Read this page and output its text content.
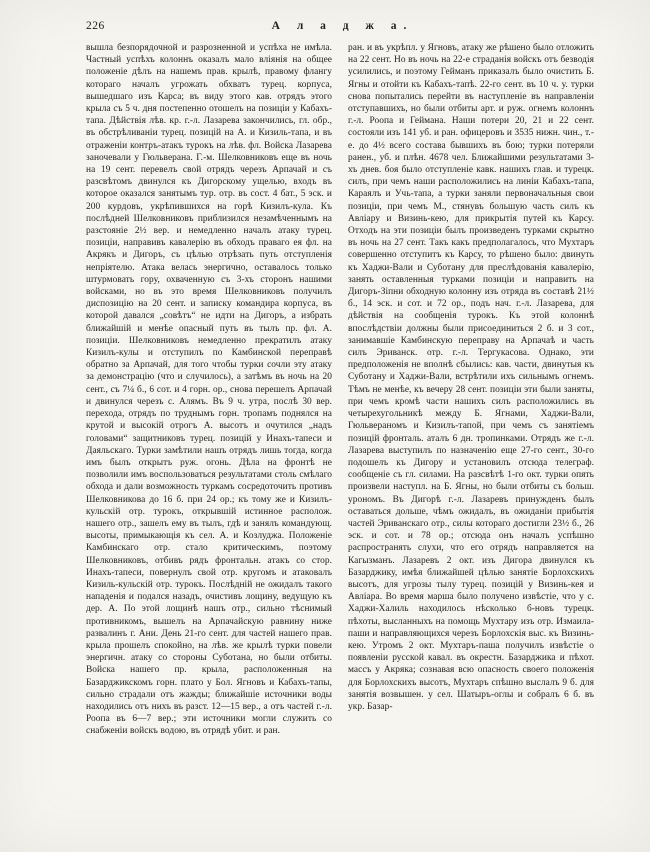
226	А л а д ж а.
вышла безпорядочной и разрозненной и успѣха не имѣла. Частный успѣхъ колоннъ оказалъ мало вліянія на общее положеніе дѣлъ на нашемъ прав. крылѣ, правому флангу котораго началъ угрожать обхватъ турец. корпуса, вышедшаго изъ Карса; въ виду этого кав. отрядъ этого крыла съ 5 ч. дня постепенно отошелъ на позиціи у Кабахъ-тапа. Дѣйствія лѣв. кр. г.-л. Лазарева закончились, гл. обр., въ обстрѣливаніи турец. позицій на А. и Кизиль-тапа, и въ отраженіи контръ-атакъ турокъ на лѣв. фл. Войска Лазарева заночевали у Гюльверана. Г.-м. Шелковниковъ еще въ ночь на 19 сент. перевелъ свой отрядъ черезъ Арпачай и съ разсвѣтомъ двинулся къ Дигорскому ущелью, входъ въ которое оказался занятымъ тур. отр. въ сост. 4 бат., 5 эск. и 200 курдовъ, укрѣпившихся на горѣ Кизилъ-кула. Къ послѣдней Шелковниковъ приблизился незамѣченнымъ на разстояніе 2½ вер. и немедленно началъ атаку турец. позиціи, направивъ кавалерію въ обходъ праваго ея фл. на Акрякъ и Дигоръ, съ цѣлью отрѣзать путь отступленія непріятелю. Атака велась энергично, оставалось только штурмовать гору, охваченную съ 3-хъ сторонъ нашими войсками, но въ это время Шелковниковъ получилъ диспозицію на 20 сент. и записку командира корпуса, въ которой давался „совѣтъ“ не идти на Дигоръ, а избрать ближайшій и менѣе опасный путь въ тылъ пр. фл. А. позиціи. Шелковниковъ немедленно прекратилъ атаку Кизилъ-кулы и отступилъ по Камбинской переправѣ обратно за Арпачай, для того чтобы турки сочли эту атаку за демонстрацію (что и случилось), а затѣмъ въ ночь на 20 сент., съ 7¼ б., 6 сот. и 4 горн. ор., снова перешелъ Арпачай и двинулся черезъ с. Алямъ. Въ 9 ч. утра, послѣ 30 вер. перехода, отрядъ по труднымъ горн. тропамъ поднялся на крутой и высокій отрогъ А. высотъ и очутился „надъ головами“ защитниковъ турец. позицій у Инахъ-тапеси и Даяльскаго. Турки замѣтили нашъ отрядъ лишь тогда, когда имъ былъ открытъ руж. огонь. Дѣла на фронтѣ не позволили имъ воспользоваться результатами столь смѣлаго обхода и дали возможность туркамъ сосредоточить противъ Шелковникова до 16 б. при 24 ор.; къ тому же и Кизилъ-кульскій отр. турокъ, открывшій истинное располож. нашего отр., зашелъ ему въ тылъ, гдѣ и занялъ командующ. высоты, примыкающія къ сел. А. и Козлуджа. Положеніе Камбинскаго отр. стало критическимъ, поэтому Шелковниковъ, отбивъ рядъ фронтальн. атакъ со стор. Инахъ-тапеси, повернулъ свой отр. кругомъ и атаковалъ Кизиль-кульскій отр. турокъ. Послѣдній не ожидалъ такого нападенія и подался назадъ, очистивъ лощину, ведущую къ дер. А. По этой лощинѣ нашъ отр., сильно тѣснимый противникомъ, вышелъ на Арпачайскую равнину ниже развалинъ г. Ани. День 21-го сент. для частей нашего прав. крыла прошелъ спокойно, на лѣв. же крылѣ турки повели энергичн. атаку со стороны Суботана, но были отбиты. Войска нашего пр. крыла, расположенныя на Базарджикскомъ горн. плато у Бол. Ягновъ и Кабахъ-тапы, сильно страдали отъ жажды; ближайшіе источники воды находились отъ нихъ въ разст. 12—15 вер., а отъ частей г.-л. Роопа въ 6—7 вер.; эти источники могли служить со снабженіи войскъ водою, въ отрядѣ убит. и ран.
ран. и въ укрѣпл. у Ягновъ, атаку же рѣшено было отложить на 22 сент. Но въ ночь на 22-е страданія войскъ отъ безводія усилились, и поэтому Гейманъ приказалъ было очистить Б. Ягны и отойти къ Кабахъ-тапѣ. 22-го сент. въ 10 ч. у. турки снова попытались перейти въ наступленіе въ направленіи отступавшихъ, но были отбиты арт. и руж. огнемъ колоннъ г.-л. Роопа и Геймана. Наши потери 20, 21 и 22 сент. состояли изъ 141 уб. и ран. офицеровъ и 3535 нижн. чин., т.-е. до 4½ всего состава бывшихъ въ бою; турки потеряли ранен., уб. и плѣн. 4678 чел. Ближайшими результатами 3-хъ днев. боя было отступленіе кавк. нашихъ глав. и турецк. силъ, при чемъ наши расположились на линіи Кабахъ-тапа, Караялъ и Учь-тапа, а турки заняли первоначальныя свои позиціи, при чемъ М., стянувъ большую часть силъ къ Авліару и Визинь-кею, для прикрытія путей къ Карсу. Отходъ на эти позиціи былъ произведенъ турками скрытно въ ночь на 27 сент. Такъ какъ предполагалось, что Мухтаръ совершенно отступитъ къ Карсу, то рѣшено было: двинуть къ Хаджи-Вали и Суботану для преслѣдованія кавалерію, занять оставленныя турками позиціи и направить на Дигоръ-Зіпни обходную колонну изъ отряда въ составѣ 21½ б., 14 эск. и сот. и 72 ор., подъ нач. г.-л. Лазарева, для дѣйствія на сообщенія турокъ. Къ этой колоннѣ впослѣдствіи должны были присоединиться 2 б. и 3 сот., занимавшіе Камбинскую переправу на Арпачаѣ и часть силъ Эриванск. отр. г.-л. Тергукасова. Однако, эти предположенія не вполнѣ сбылись: кав. части, двинутыя къ Суботану и Хаджи-Вали, встрѣтили ихъ сильнымъ огнемъ. Тѣмъ не менѣе, къ вечеру 28 сент. позиціи эти были заняты, при чемъ кромѣ части нашихъ силъ расположились въ четырехугольникѣ между Б. Ягнами, Хаджи-Вали, Гюльвераномъ и Кизилъ-тапой, при чемъ съ занятіемъ позицій фронталь. аталъ 6 дн. тропинками. Отрядъ же г.-л. Лазарева выступилъ по назначенію еще 27-го сент., 30-го подошелъ къ Дигору и установилъ отсюда телеграф. сообщеніе съ гл. силами. На разсвѣтѣ 1-го окт. турки опять произвели наступл. на Б. Ягны, но были отбиты съ больш. урономъ. Въ Дигорѣ г.-л. Лазаревъ принужденъ былъ оставаться дольше, чѣмъ ожидалъ, въ ожиданіи прибытія частей Эриванскаго отр., силы котораго достигли 23½ б., 26 эск. и сот. и 78 ор.; отсюда онъ началъ успѣшно распространять слухи, что его отрядъ направляется на Кагызманъ. Лазаревъ 2 окт. изъ Дигора двинулся къ Базарджику, имѣя ближайшей цѣлью занятіе Борлохскихъ высотъ, для угрозы тылу турец. позицій у Визинь-кея и Авліара. Во время марша было получено извѣстіе, что у с. Хаджи-Халиль находилось нѣсколько б-новъ турецк. пѣхоты, высланныхъ на помощь Мухтару изъ отр. Измаила-паши и направляющихся черезъ Борлохскія выс. къ Визинь-кею. Утромъ 2 окт. Мухтаръ-паша получилъ извѣстіе о появленіи русской кавал. въ окрестн. Базарджика и пѣхот. массъ у Акряка; сознавая всю опасность своего положенія для Борлохскихъ высотъ, Мухтаръ спѣшно выслалъ 9 б. для занятія возвышен. у сел. Шатыръ-оглы и собралъ 6 б. въ укр. Базар-
